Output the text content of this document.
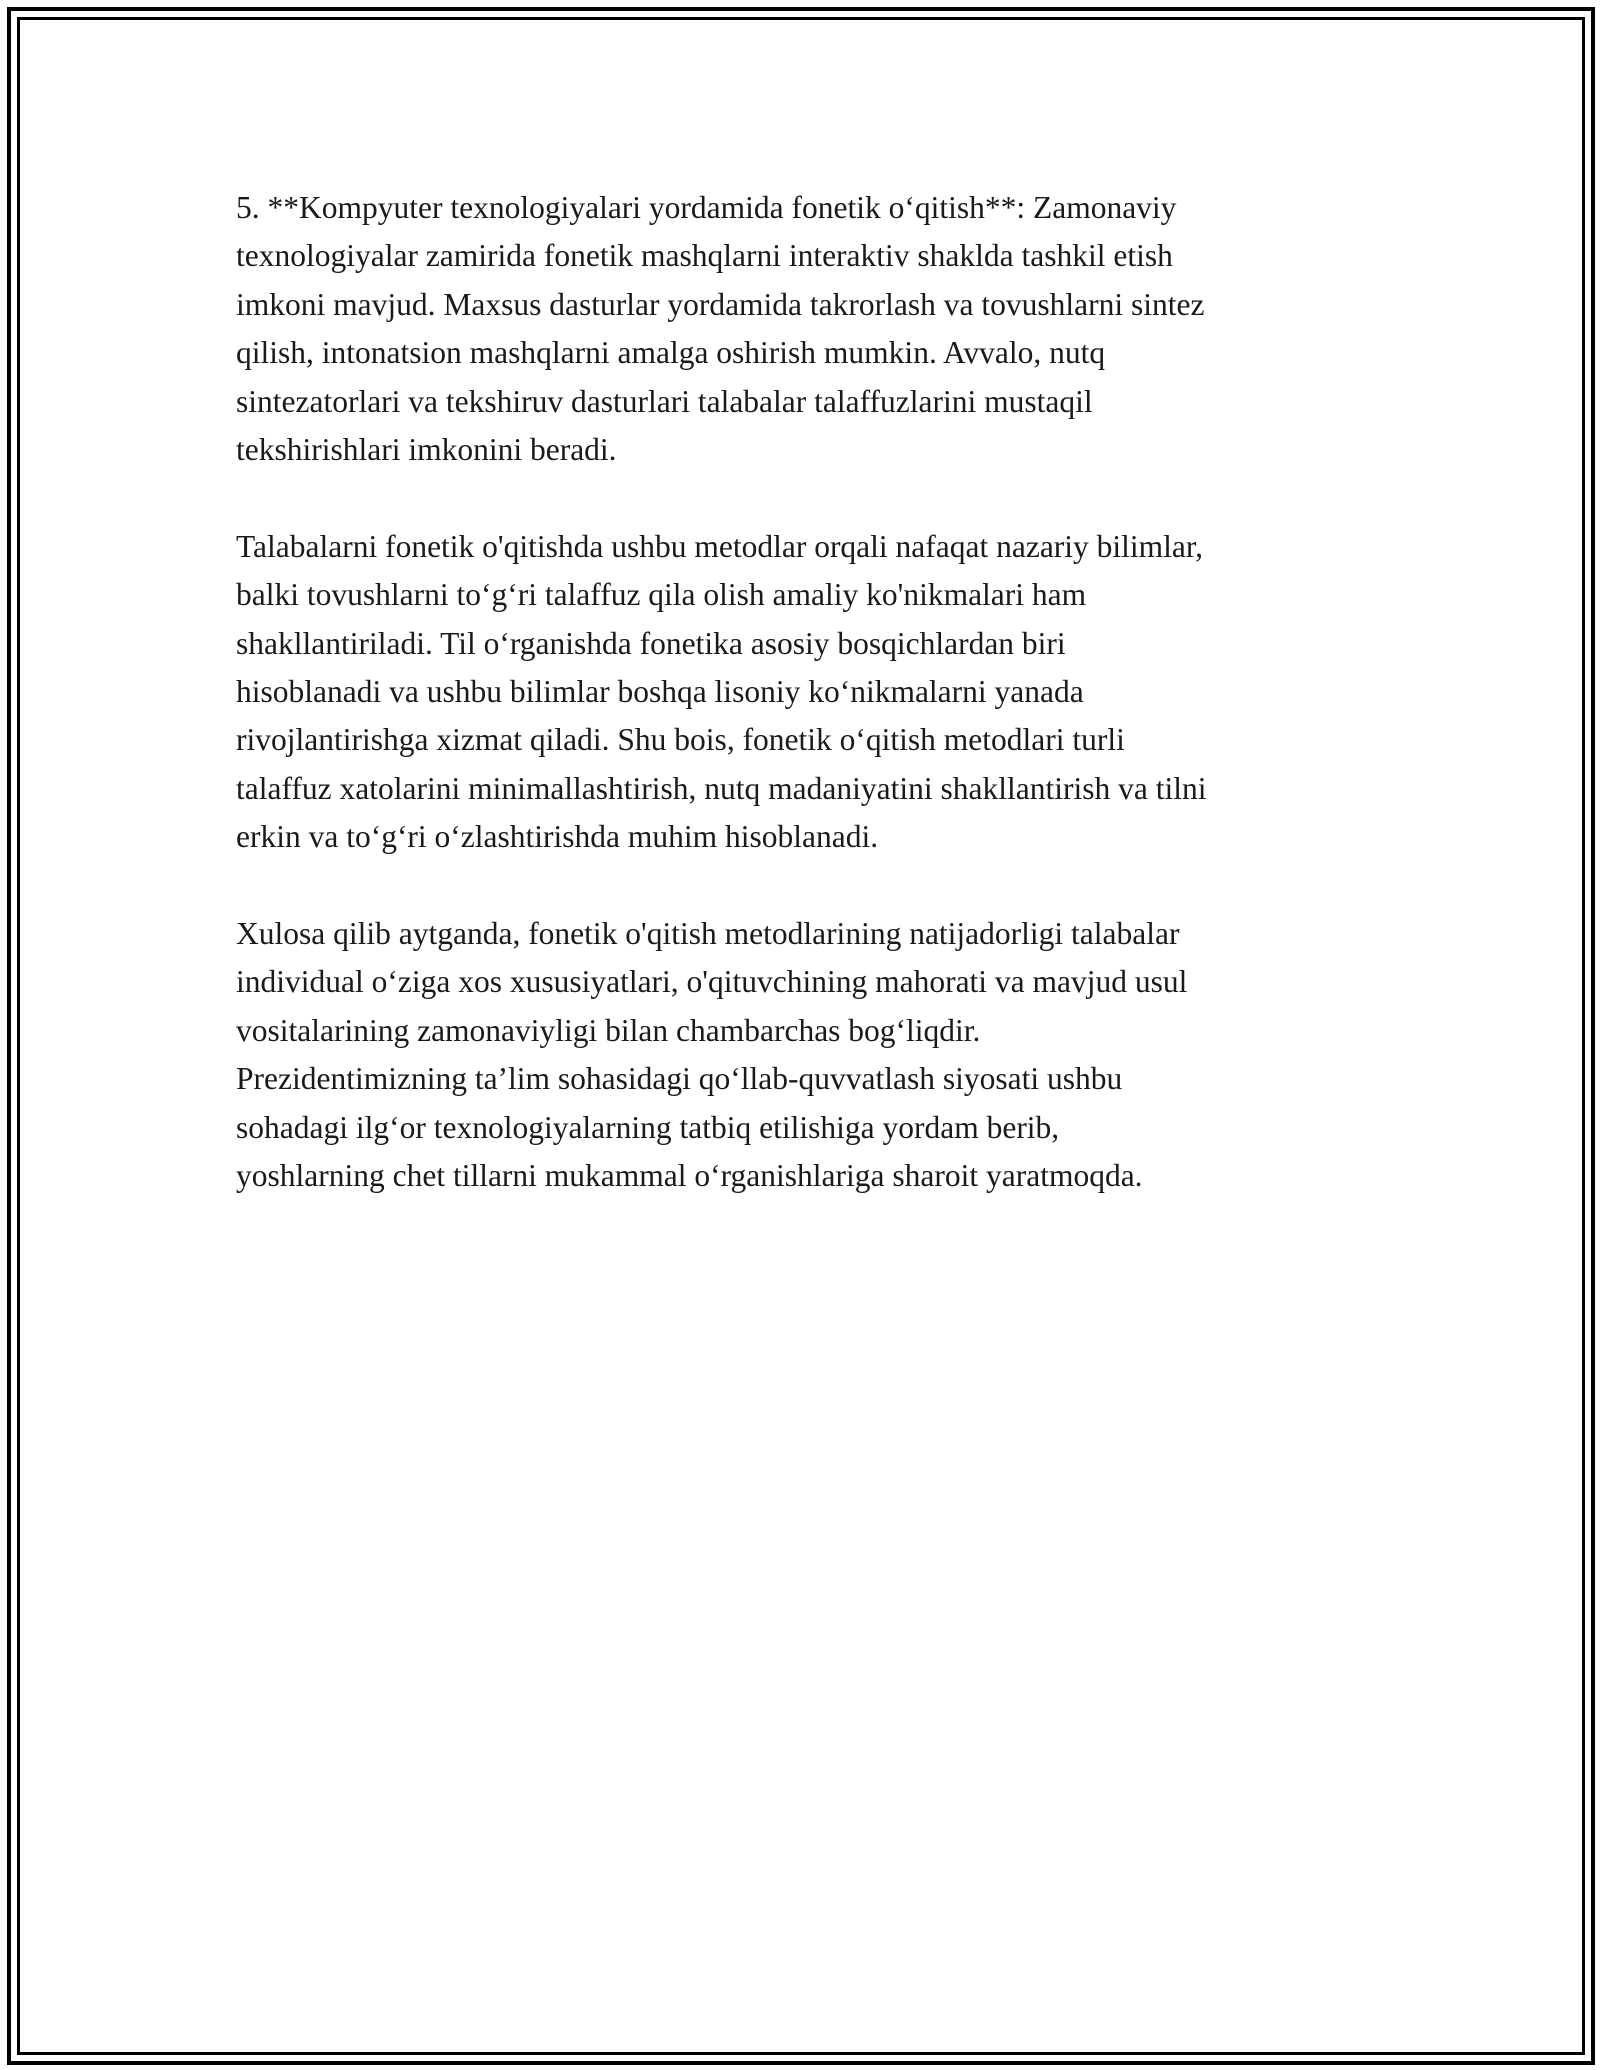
5. **Kompyuter texnologiyalari yordamida fonetik o‘qitish**: Zamonaviy
texnologiyalar zamirida fonetik mashqlarni interaktiv shaklda tashkil etish
imkoni mavjud. Maxsus dasturlar yordamida takrorlash va tovushlarni sintez
qilish, intonatsion mashqlarni amalga oshirish mumkin. Avvalo, nutq
sintezatorlari va tekshiruv dasturlari talabalar talaffuzlarini mustaqil
tekshirishlari imkonini beradi.

Talabalarni fonetik o'qitishda ushbu metodlar orqali nafaqat nazariy bilimlar,
balki tovushlarni to‘g‘ri talaffuz qila olish amaliy ko'nikmalari ham
shakllantiriladi. Til o‘rganishda fonetika asosiy bosqichlardan biri
hisoblanadi va ushbu bilimlar boshqa lisoniy ko‘nikmalarni yanada
rivojlantirishga xizmat qiladi. Shu bois, fonetik o‘qitish metodlari turli
talaffuz xatolarini minimallashtirish, nutq madaniyatini shakllantirish va tilni
erkin va to‘g‘ri o‘zlashtirishda muhim hisoblanadi.

Xulosa qilib aytganda, fonetik o'qitish metodlarining natijadorligi talabalar
individual o‘ziga xos xususiyatlari, o'qituvchining mahorati va mavjud usul
vositalarining zamonaviyligi bilan chambarchas bog‘liqdir.
Prezidentimizning ta’lim sohasidagi qo‘llab-quvvatlash siyosati ushbu
sohadagi ilg‘or texnologiyalarning tatbiq etilishiga yordam berib,
yoshlarning chet tillarni mukammal o‘rganishlariga sharoit yaratmoqda.
